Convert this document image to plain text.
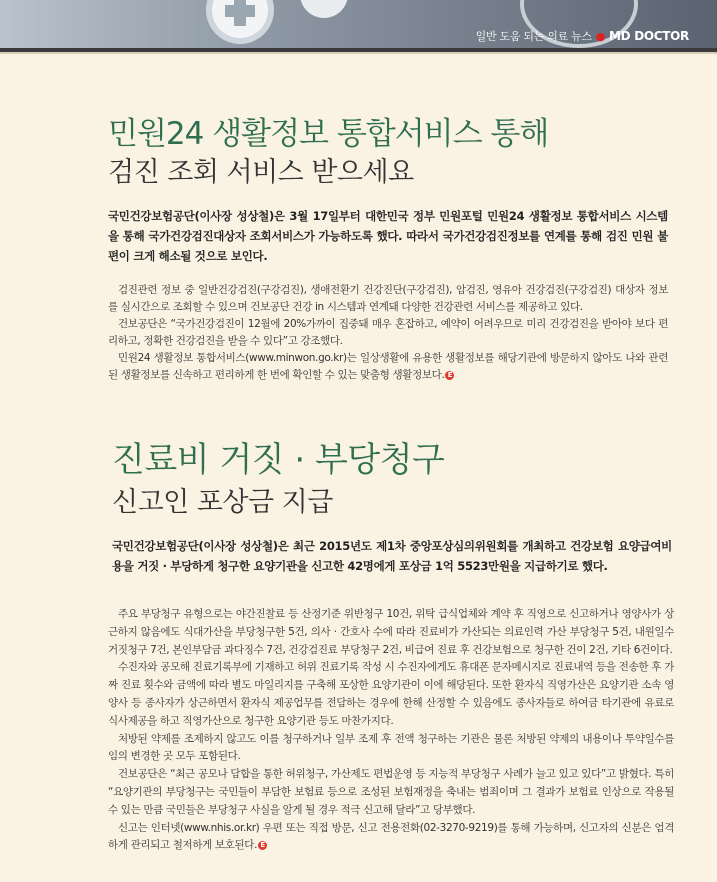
일반 도움 되는 의료 뉴스 ● MD DOCTOR
민원24 생활정보 통합서비스 통해
검진 조회 서비스 받으세요
국민건강보험공단(이사장 성상철)은 3월 17일부터 대한민국 정부 민원포털 민원24 생활정보 통합서비스 시스템을 통해 국가건강검진대상자 조회서비스가 가능하도록 했다. 따라서 국가건강검진정보를 연계를 통해 검진 민원 불편이 크게 해소될 것으로 보인다.

검진관련 정보 중 일반건강검진(구강검진), 생애전환기 건강진단(구강검진), 암검진, 영유아 건강검진(구강검진) 대상자 정보를 실시간으로 조회할 수 있으며 건보공단 건강 in 시스템과 연계돼 다양한 건강관련 서비스를 제공하고 있다.

건보공단은 “국가건강검진이 12월에 20%가까이 집중돼 매우 혼잡하고, 예약이 어려우므로 미리 건강검진을 받아야 보다 편리하고, 정확한 건강검진을 받을 수 있다”고 강조했다.

민원24 생활정보 통합서비스(www.minwon.go.kr)는 일상생활에 유용한 생활정보를 해당기관에 방문하지 않아도 나와 관련된 생활정보를 신속하고 편리하게 한 번에 확인할 수 있는 맞춤형 생활정보다. E

진료비 거짓 · 부당청구
신고인 포상금 지급
국민건강보험공단(이사장 성상철)은 최근 2015년도 제1차 중앙포상심의위원회를 개최하고 건강보험 요양급여비용을 거짓 · 부당하게 청구한 요양기관을 신고한 42명에게 포상금 1억 5523만원을 지급하기로 했다.

주요 부당청구 유형으로는 야간진찰료 등 산정기준 위반청구 10건, 위탁 급식업체와 계약 후 직영으로 신고하거나 영양사가 상근하지 않음에도 식대가산을 부당청구한 5건, 의사 · 간호사 수에 따라 진료비가 가산되는 의료인력 가산 부당청구 5건, 내원일수 거짓청구 7건, 본인부담금 과다징수 7건, 건강검진료 부당청구 2건, 비급여 진료 후 건강보험으로 청구한 건이 2건, 기타 6건이다.

수진자와 공모해 진료기록부에 기재하고 허위 진료기록 작성 시 수진자에게도 휴대폰 문자메시지로 진료내역 등을 전송한 후 가짜 진료 횟수와 금액에 따라 별도 마일리지를 구축해 포상한 요양기관이 이에 해당된다. 또한 환자식 직영가산은 요양기관 소속 영양사 등 종사자가 상근하면서 환자식 제공업무를 전담하는 경우에 한해 산정할 수 있음에도 종사자들로 하여금 타기관에 유료로 식사제공을 하고 직영가산으로 청구한 요양기관 등도 마찬가지다.

처방된 약제를 조제하지 않고도 이를 청구하거나 일부 조제 후 전액 청구하는 기관은 물론 처방된 약제의 내용이나 투약일수를 임의 변경한 곳 모두 포함된다.

건보공단은 “최근 공모나 담합을 통한 허위청구, 가산제도 편법운영 등 지능적 부당청구 사례가 늘고 있고 있다”고 밝혔다. 특히 “요양기관의 부당청구는 국민들이 부담한 보험료 등으로 조성된 보험재정을 축내는 범죄이며 그 결과가 보험료 인상으로 작용될 수 있는 만큼 국민들은 부당청구 사실을 알게 될 경우 적극 신고해 달라”고 당부했다.

신고는 인터넷(www.nhis.or.kr) 우편 또는 직접 방문, 신고 전용전화(02-3270-9219)를 통해 가능하며, 신고자의 신분은 엄격하게 관리되고 철저하게 보호된다. E
